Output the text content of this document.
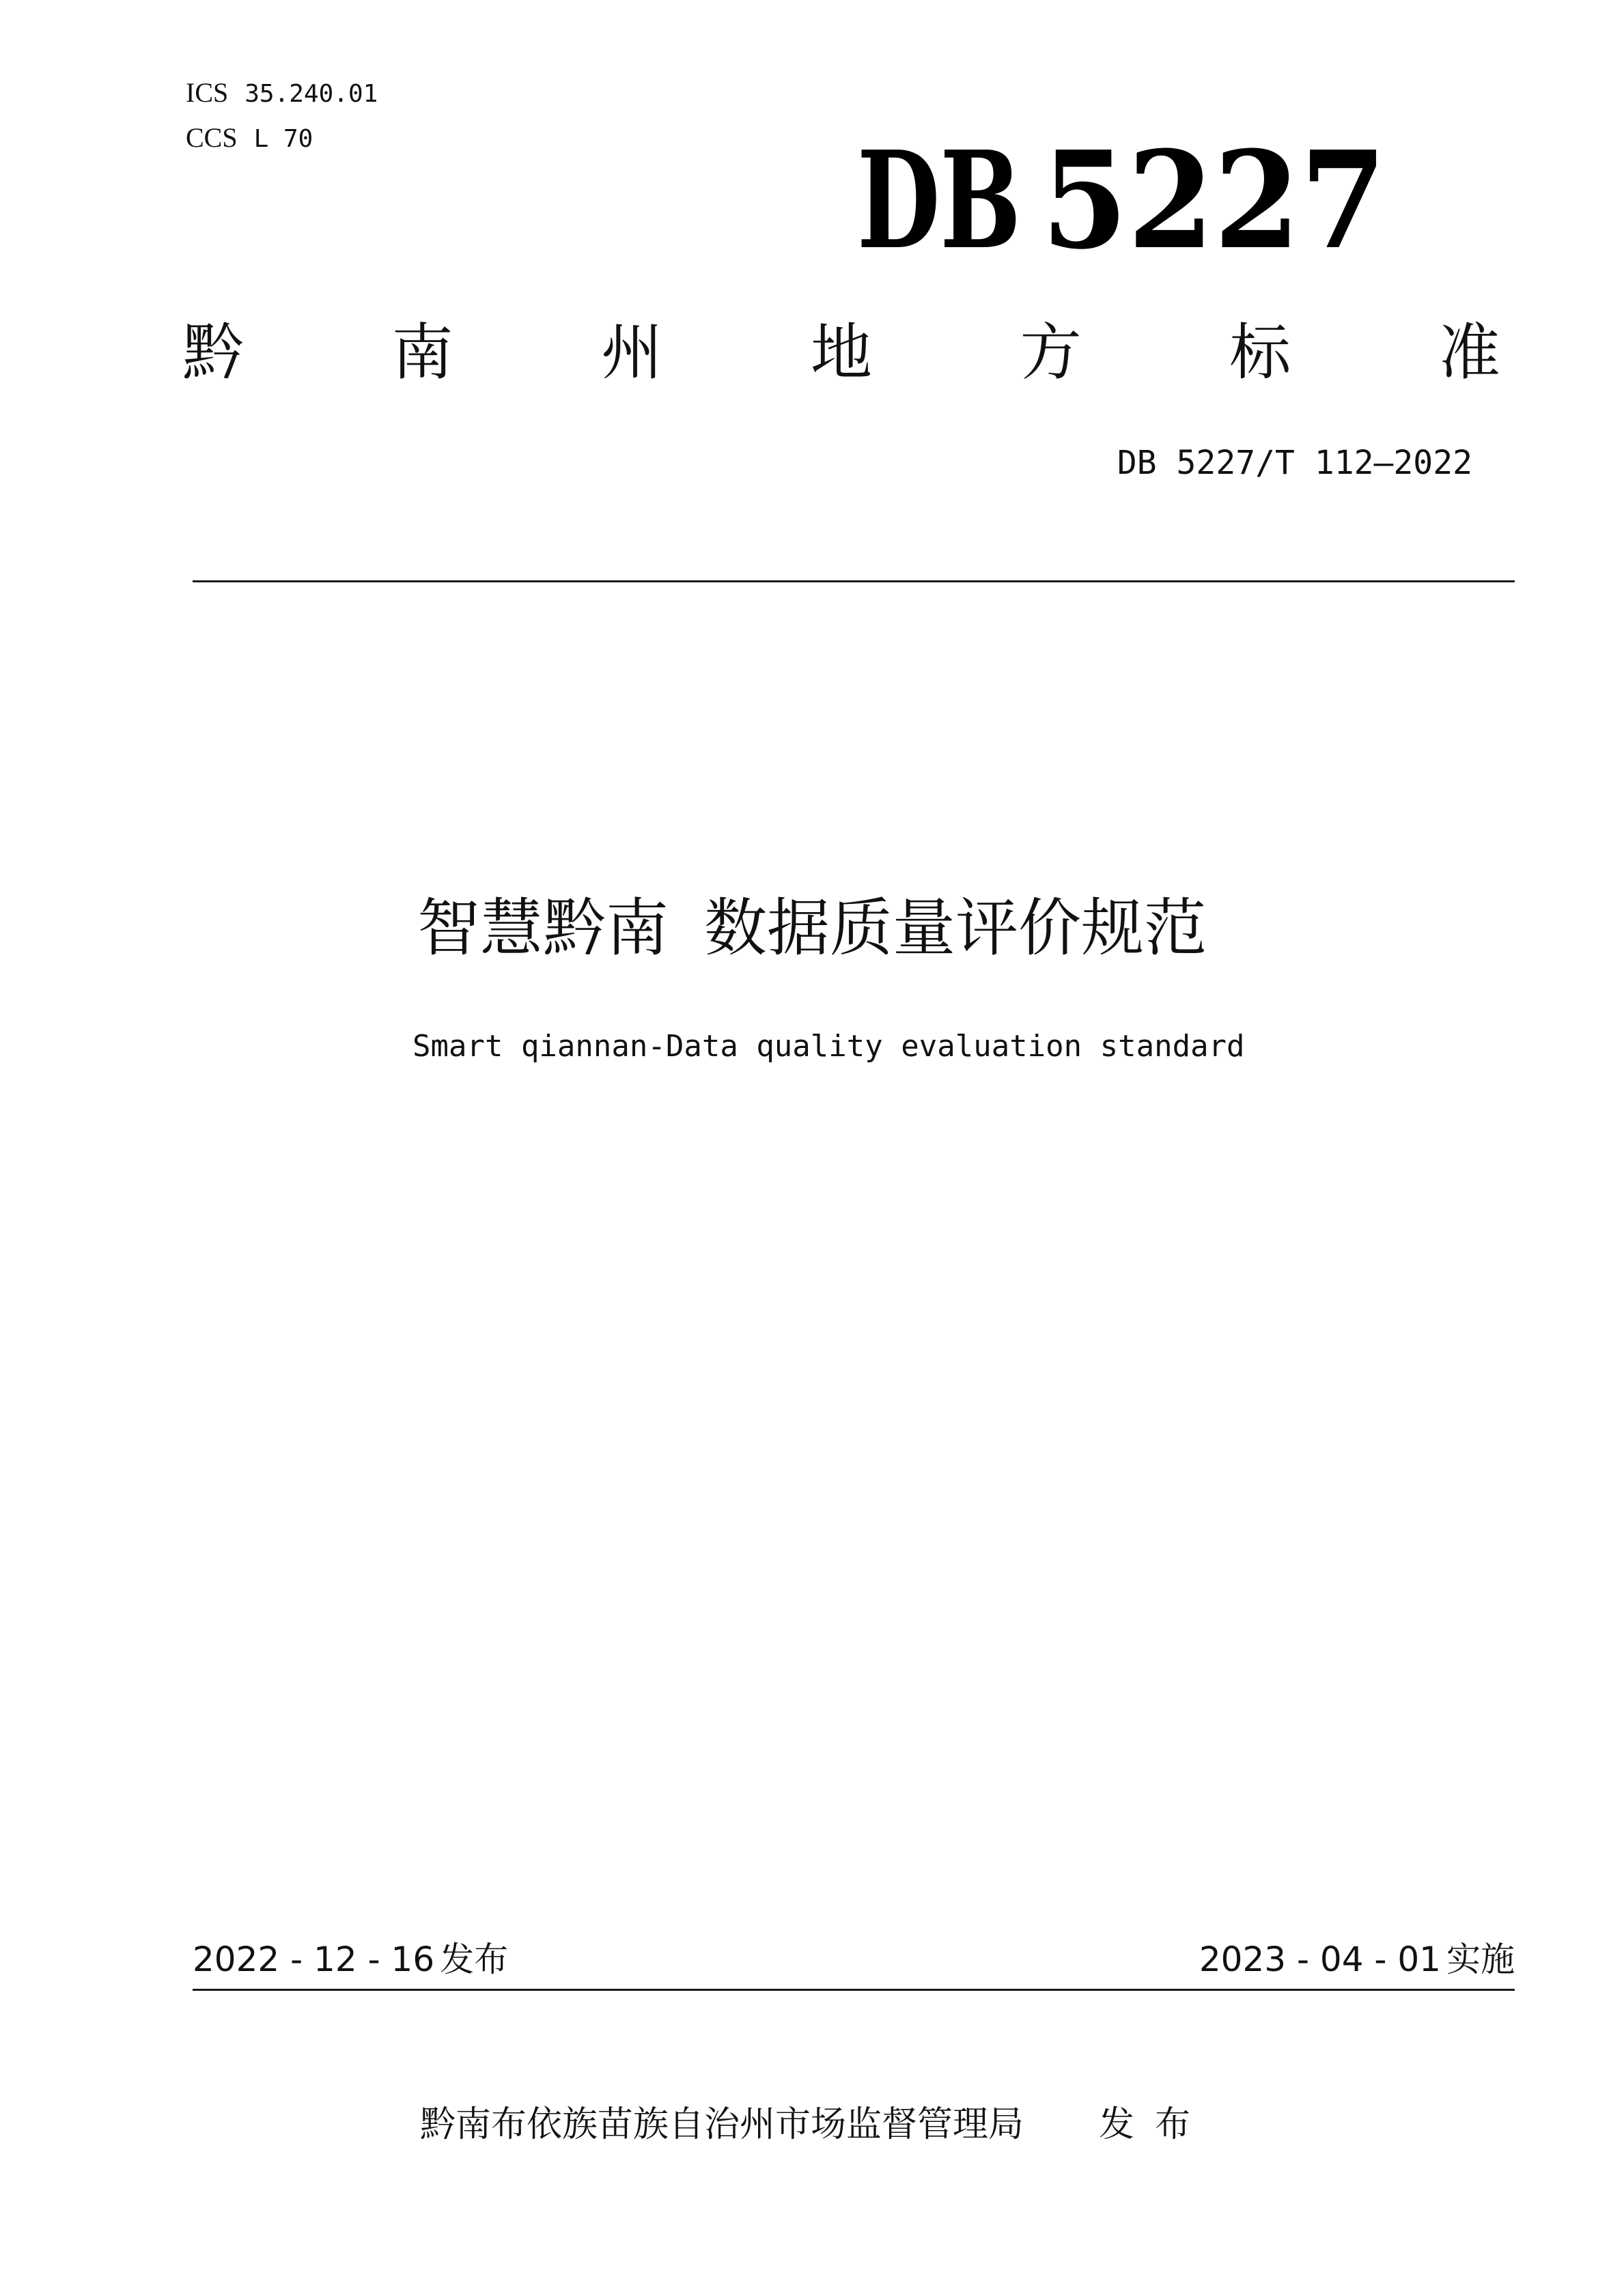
ICS 35.240.01
CCS L 70	DB 5227
黔 南 州 地 方 标 准
DB 5227/T 112—2022
智慧黔南 数据质量评价规范
Smart qiannan-Data quality evaluation standard
2022 - 12 - 16 发布	2023 - 04 - 01 实施
黔南布依族苗族自治州市场监督管理局 发布
